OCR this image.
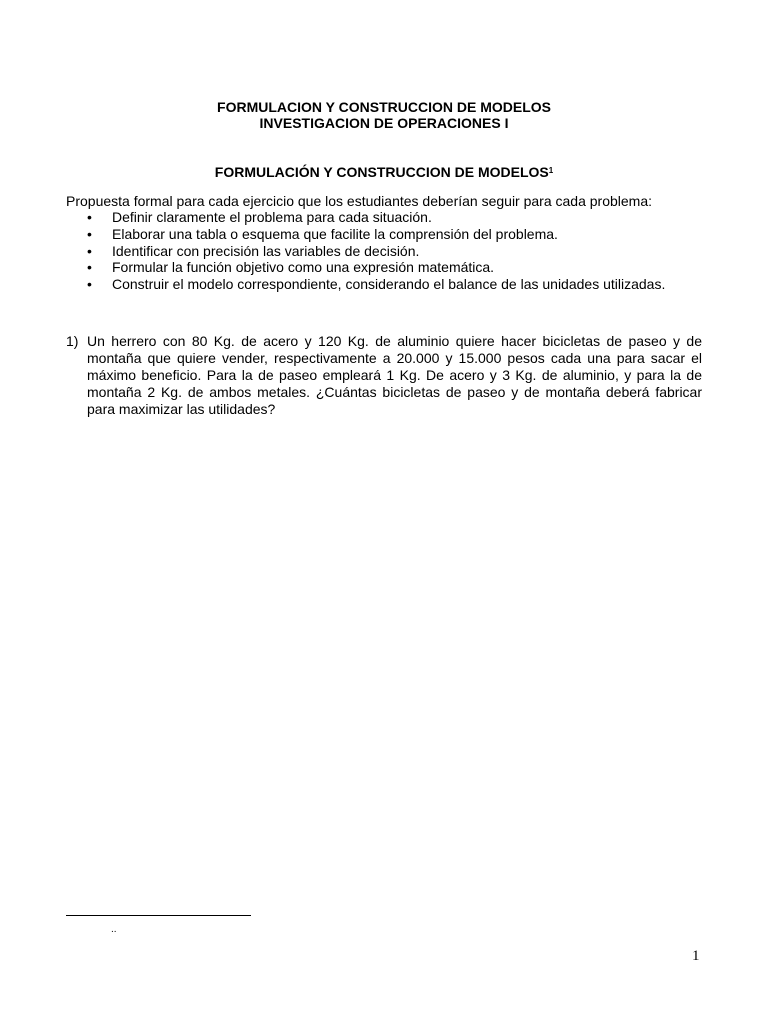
FORMULACION Y CONSTRUCCION DE MODELOS
INVESTIGACION DE OPERACIONES I
FORMULACIÓN Y CONSTRUCCION DE MODELOS$^1$
Propuesta formal para cada ejercicio que los estudiantes deberían seguir para cada problema:
• Definir claramente el problema para cada situación.
• Elaborar una tabla o esquema que facilite la comprensión del problema.
• Identificar con precisión las variables de decisión.
• Formular la función objetivo como una expresión matemática.
• Construir el modelo correspondiente, considerando el balance de las unidades utilizadas.
1) Un herrero con 80 Kg. de acero y 120 Kg. de aluminio quiere hacer bicicletas de paseo y de montaña que quiere vender, respectivamente a 20.000 y 15.000 pesos cada una para sacar el máximo beneficio. Para la de paseo empleará 1 Kg. De acero y 3 Kg. de aluminio, y para la de montaña 2 Kg. de ambos metales. ¿Cuántas bicicletas de paseo y de montaña deberá fabricar para maximizar las utilidades?
..
1
